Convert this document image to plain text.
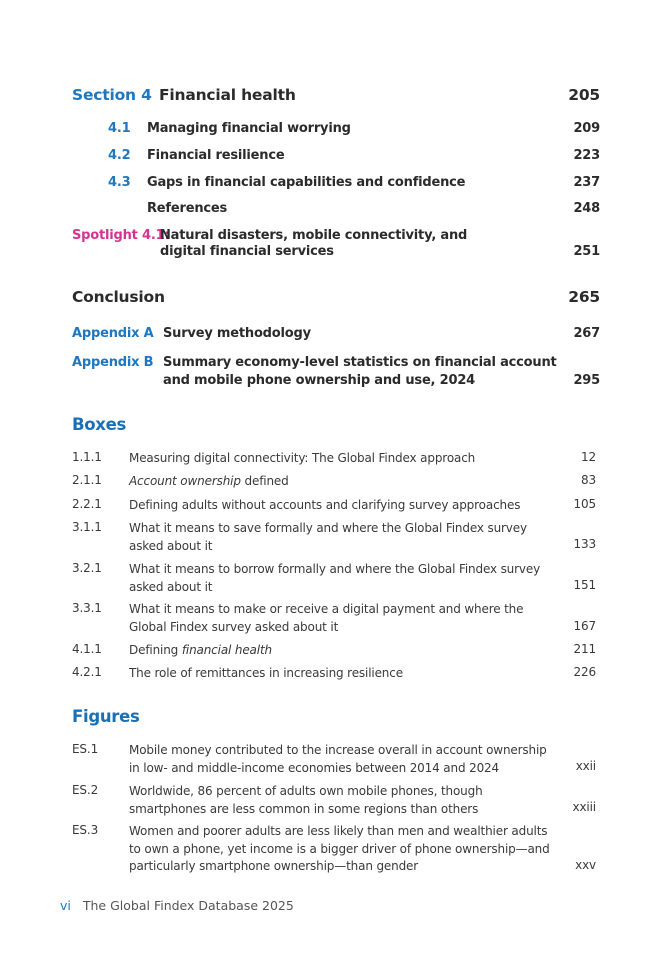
Section 4 Financial health	205
4.1 Managing financial worrying	209
4.2 Financial resilience	223
4.3 Gaps in financial capabilities and confidence	237
References	248
Spotlight 4.1:
Natural disasters, mobile connectivity, and
digital financial services	251
Conclusion	265
Appendix A Survey methodology	267
Appendix B Summary economy-level statistics on financial account
and mobile phone ownership and use, 2024	295
Boxes
1.1.1 Measuring digital connectivity: The Global Findex approach	12
2.1.1 Account ownership defined	83
2.2.1 Defining adults without accounts and clarifying survey approaches	105
3.1.1 What it means to save formally and where the Global Findex survey
asked about it	133
3.2.1 What it means to borrow formally and where the Global Findex survey
asked about it	151
3.3.1 What it means to make or receive a digital payment and where the
Global Findex survey asked about it	167
4.1.1 Defining financial health	211
4.2.1 The role of remittances in increasing resilience	226
Figures
ES.1	Mobile money contributed to the increase overall in account ownership
in low- and middle-income economies between 2014 and 2024	xxii
ES.2	Worldwide, 86 percent of adults own mobile phones, though
smartphones are less common in some regions than others	xxiii
ES.3	Women and poorer adults are less likely than men and wealthier adults
to own a phone, yet income is a bigger driver of phone ownership—and
particularly smartphone ownership—than gender	xxv
vi The Global Findex Database 2025
